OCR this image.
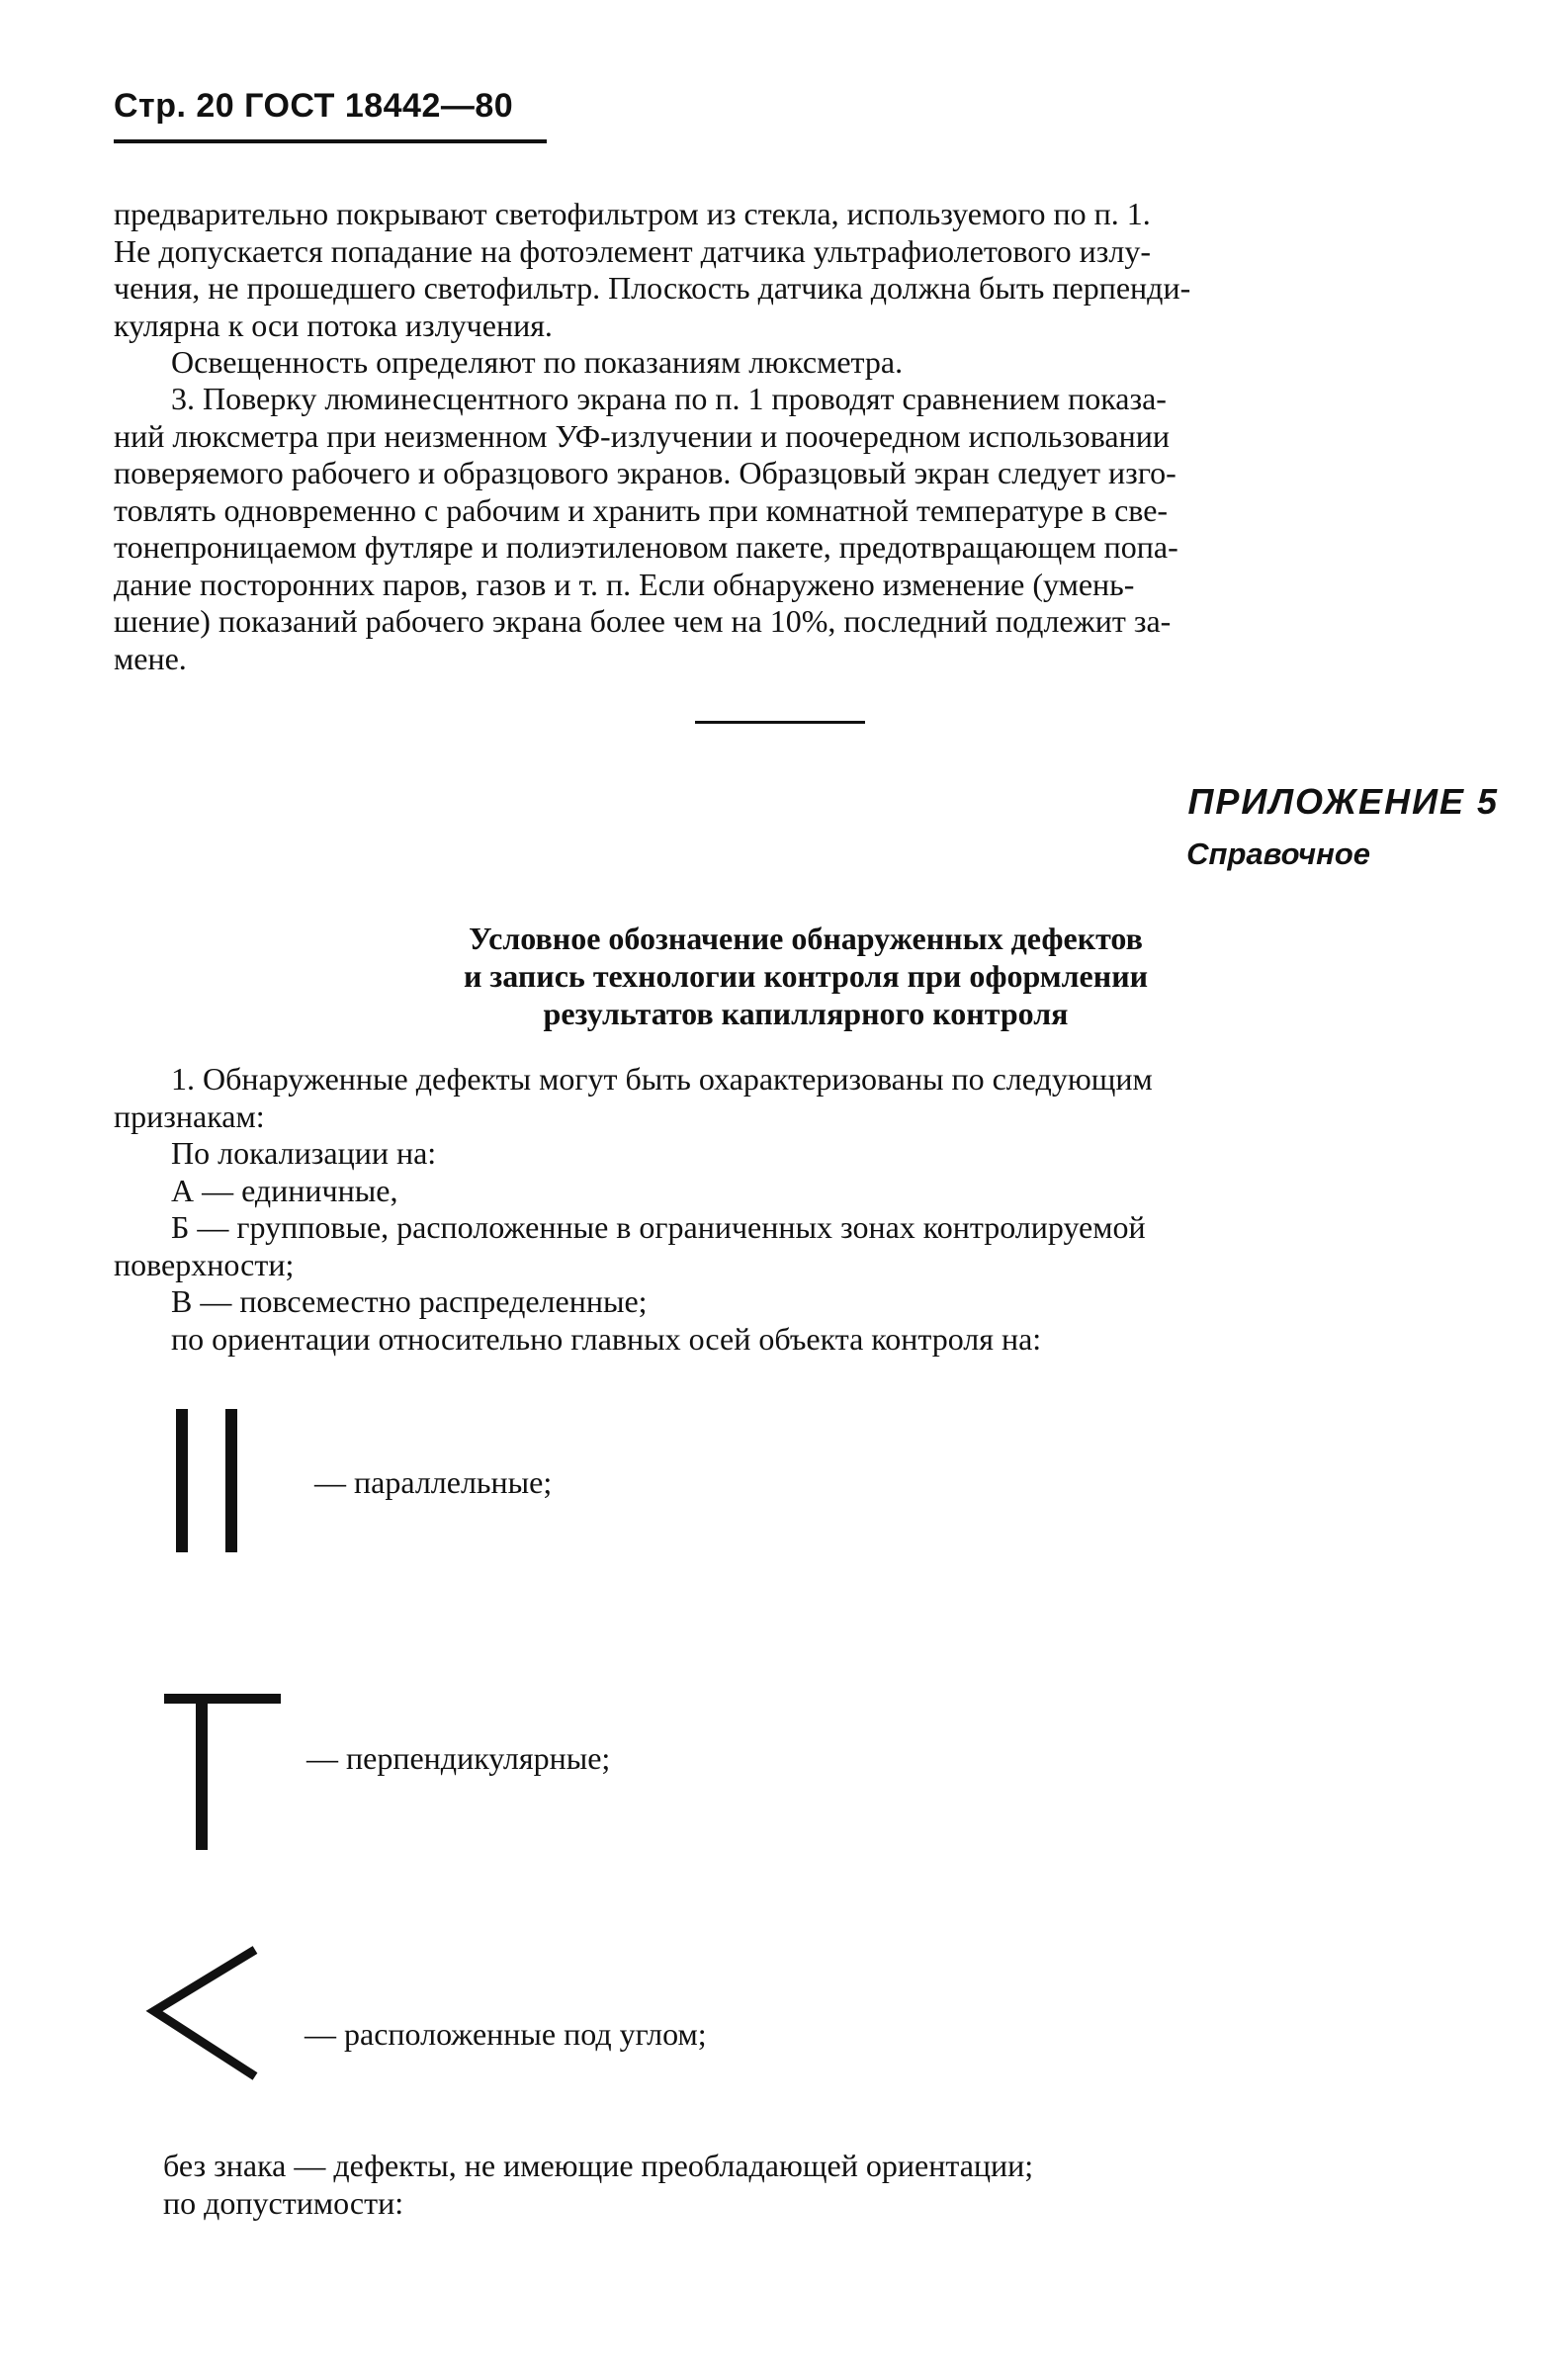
Стр. 20 ГОСТ 18442—80
предварительно покрывают светофильтром из стекла, используемого по п. 1.
Не допускается попадание на фотоэлемент датчика ультрафиолетового излу-
чения, не прошедшего светофильтр. Плоскость датчика должна быть перпенди-
кулярна к оси потока излучения.
Освещенность определяют по показаниям люксметра.
3. Поверку люминесцентного экрана по п. 1 проводят сравнением показа-
ний люксметра при неизменном УФ-излучении и поочередном использовании
поверяемого рабочего и образцового экранов. Образцовый экран следует изго-
товлять одновременно с рабочим и хранить при комнатной температуре в све-
тонепроницаемом футляре и полиэтиленовом пакете, предотвращающем попа-
дание посторонних паров, газов и т. п. Если обнаружено изменение (умень-
шение) показаний рабочего экрана более чем на 10%, последний подлежит за-
мене.
ПРИЛОЖЕНИЕ 5
Справочное
Условное обозначение обнаруженных дефектов
и запись технологии контроля при оформлении
результатов капиллярного контроля
1. Обнаруженные дефекты могут быть охарактеризованы по следующим
признакам:
По локализации на:
А — единичные,
Б — групповые, расположенные в ограниченных зонах контролируемой
поверхности;
В — повсеместно распределенные;
по ориентации относительно главных осей объекта контроля на:
— параллельные;
— перпендикулярные;
— расположенные под углом;
без знака — дефекты, не имеющие преобладающей ориентации;
по допустимости:
